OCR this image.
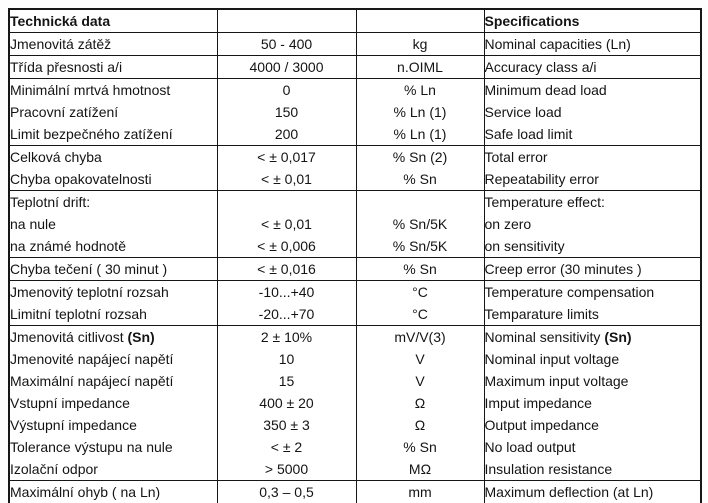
Technická data			Specifications
Jmenovitá zátěž	50 - 400	kg	Nominal capacities (Ln)
Třída přesnosti a/i	4000 / 3000	n.OIML	Accuracy class a/i
Minimální mrtvá hmotnost	0	% Ln	Minimum dead load
Pracovní zatížení	150	% Ln (1)	Service load
Limit bezpečného zatížení	200	% Ln (1)	Safe load limit
Celková chyba	< ± 0,017	% Sn (2)	Total error
Chyba opakovatelnosti	< ± 0,01	% Sn	Repeatability error
Teplotní drift:			Temperature effect:
na nule	< ± 0,01	% Sn/5K	on zero
na známé hodnotě	< ± 0,006	% Sn/5K	on sensitivity
Chyba tečení ( 30 minut )	< ± 0,016	% Sn	Creep error (30 minutes )
Jmenovitý teplotní rozsah	-10...+40	°C	Temperature compensation
Limitní teplotní rozsah	-20...+70	°C	Temparature limits
Jmenovitá citlivost (Sn)	2 ± 10%	mV/V(3)	Nominal sensitivity (Sn)
Jmenovité napájecí napětí	10	V	Nominal input voltage
Maximální napájecí napětí	15	V	Maximum input voltage
Vstupní impedance	400 ± 20	Ω	Imput impedance
Výstupní impedance	350 ± 3	Ω	Output impedance
Tolerance výstupu na nule	< ± 2	% Sn	No load output
Izolační odpor	> 5000	MΩ	Insulation resistance
Maximální ohyb ( na Ln)	0,3 – 0,5	mm	Maximum deflection (at Ln)
